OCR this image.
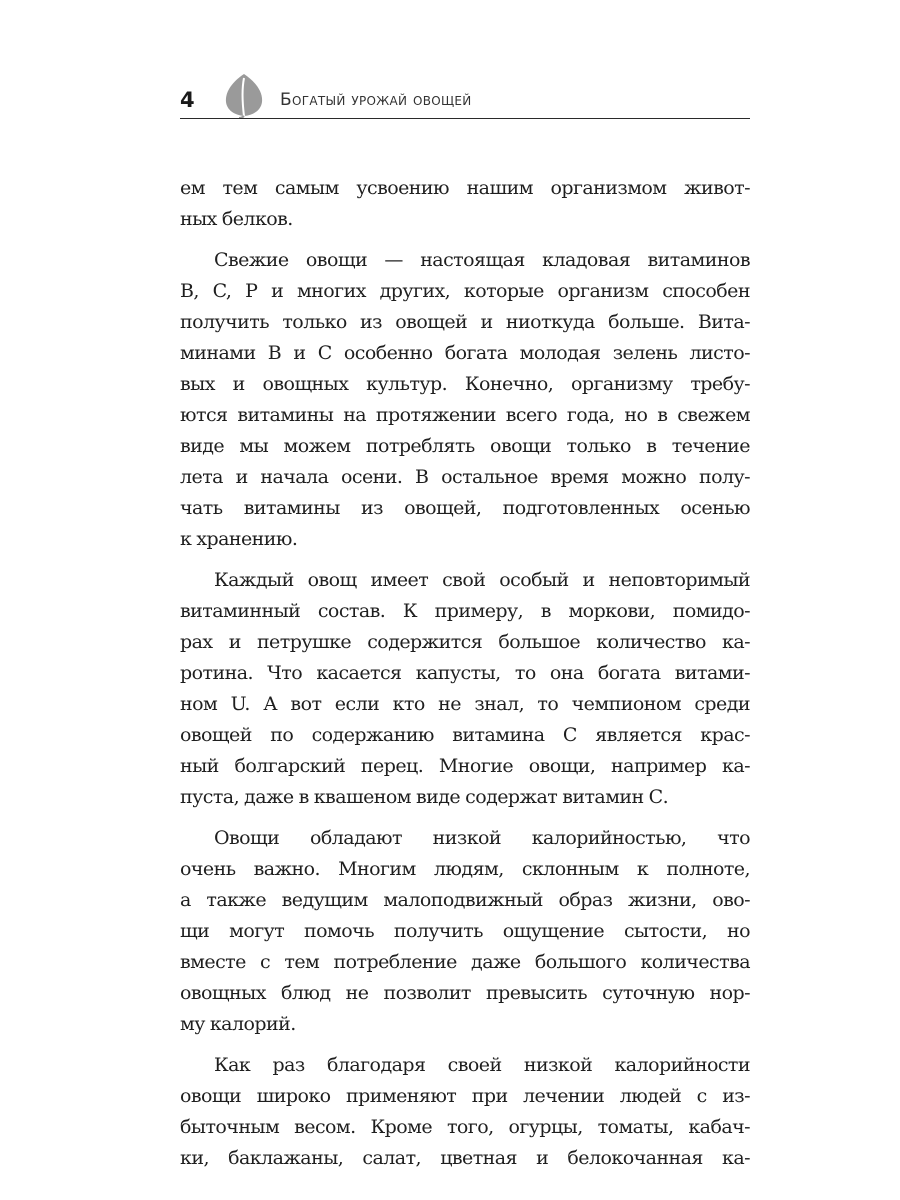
4	Богатый урожай овощей
ем тем самым усвоению нашим организмом живот-
ных белков.
Свежие овощи — настоящая кладовая витаминов
B, C, P и многих других, которые организм способен
получить только из овощей и ниоткуда больше. Вита-
минами В и С особенно богата молодая зелень листо-
вых и овощных культур. Конечно, организму требу-
ются витамины на протяжении всего года, но в свежем
виде мы можем потреблять овощи только в течение
лета и начала осени. В остальное время можно полу-
чать витамины из овощей, подготовленных осенью
к хранению.
Каждый овощ имеет свой особый и неповторимый
витаминный состав. К примеру, в моркови, помидо-
рах и петрушке содержится большое количество ка-
ротина. Что касается капусты, то она богата витами-
ном U. А вот если кто не знал, то чемпионом среди
овощей по содержанию витамина С является крас-
ный болгарский перец. Многие овощи, например ка-
пуста, даже в квашеном виде содержат витамин С.
Овощи обладают низкой калорийностью, что
очень важно. Многим людям, склонным к полноте,
а также ведущим малоподвижный образ жизни, ово-
щи могут помочь получить ощущение сытости, но
вместе с тем потребление даже большого количества
овощных блюд не позволит превысить суточную нор-
му калорий.
Как раз благодаря своей низкой калорийности
овощи широко применяют при лечении людей с из-
быточным весом. Кроме того, огурцы, томаты, кабач-
ки, баклажаны, салат, цветная и белокочанная ка-
